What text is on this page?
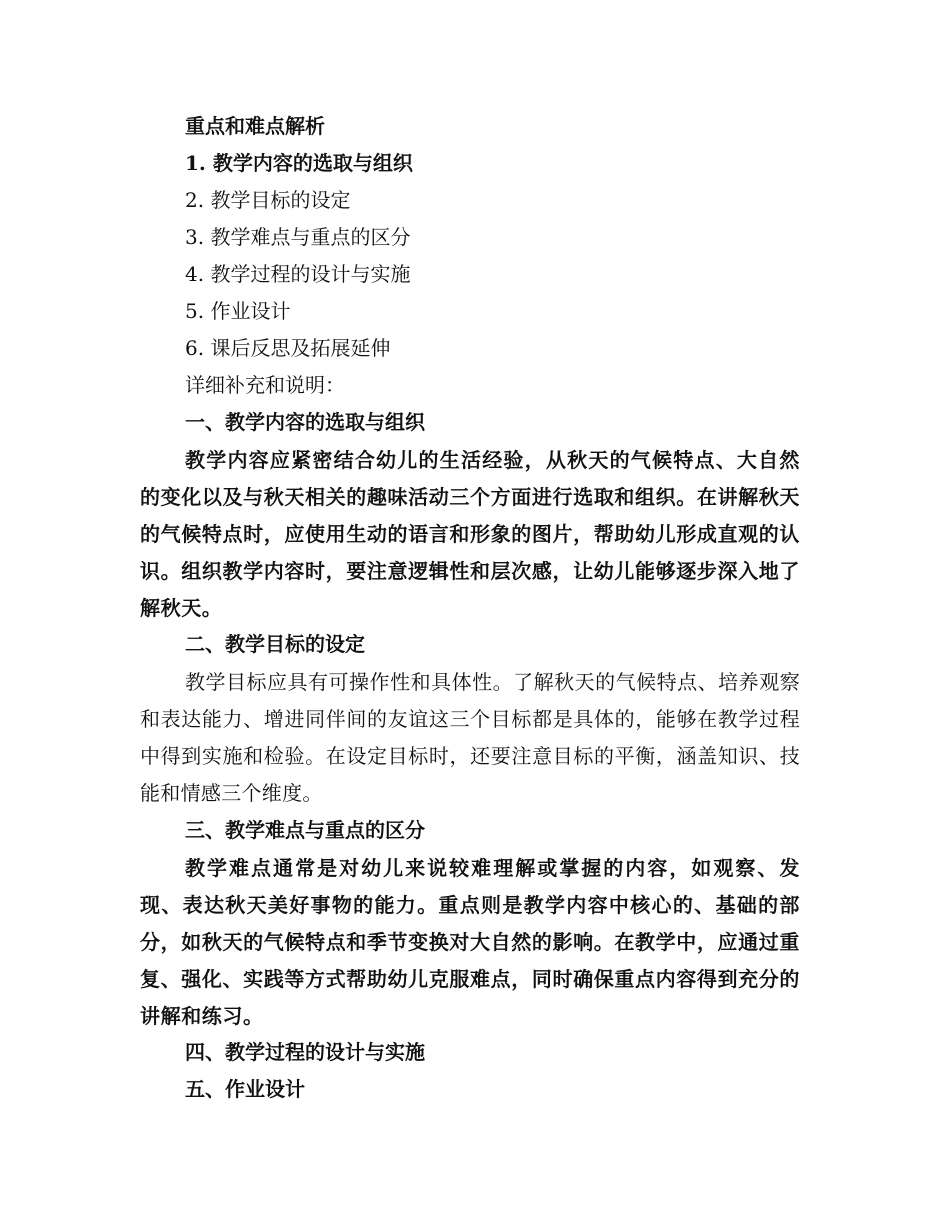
重点和难点解析
1. 教学内容的选取与组织
2. 教学目标的设定
3. 教学难点与重点的区分
4. 教学过程的设计与实施
5. 作业设计
6. 课后反思及拓展延伸
详细补充和说明：
一、教学内容的选取与组织
教学内容应紧密结合幼儿的生活经验，从秋天的气候特点、大自然的变化以及与秋天相关的趣味活动三个方面进行选取和组织。在讲解秋天的气候特点时，应使用生动的语言和形象的图片，帮助幼儿形成直观的认识。组织教学内容时，要注意逻辑性和层次感，让幼儿能够逐步深入地了解秋天。
二、教学目标的设定
教学目标应具有可操作性和具体性。了解秋天的气候特点、培养观察和表达能力、增进同伴间的友谊这三个目标都是具体的，能够在教学过程中得到实施和检验。在设定目标时，还要注意目标的平衡，涵盖知识、技能和情感三个维度。
三、教学难点与重点的区分
教学难点通常是对幼儿来说较难理解或掌握的内容，如观察、发现、表达秋天美好事物的能力。重点则是教学内容中核心的、基础的部分，如秋天的气候特点和季节变换对大自然的影响。在教学中，应通过重复、强化、实践等方式帮助幼儿克服难点，同时确保重点内容得到充分的讲解和练习。
四、教学过程的设计与实施
五、作业设计
